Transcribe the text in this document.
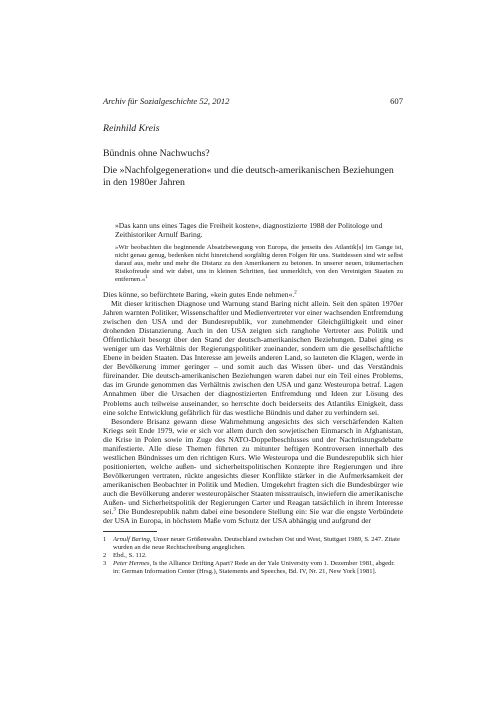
Archiv für Sozialgeschichte 52, 2012	607
Reinhild Kreis
Bündnis ohne Nachwuchs?
Die »Nachfolgegeneration« und die deutsch-amerikanischen Beziehungen in den 1980er Jahren
»Das kann uns eines Tages die Freiheit kosten«, diagnostizierte 1988 der Politologe und Zeithistoriker Arnulf Baring.
»Wir beobachten die beginnende Absatzbewegung von Europa, die jenseits des Atlantik[s] im Gange ist, nicht genau genug, bedenken nicht hinreichend sorgfältig deren Folgen für uns. Stattdessen sind wir selbst darauf aus, mehr und mehr die Distanz zu den Amerikanern zu betonen. In unserer neuen, träumerischen Risikofreude sind wir dabei, uns in kleinen Schritten, fast unmerklich, von den Vereinigten Staaten zu entfernen.«$^1$

Dies könne, so befürchtete Baring, »kein gutes Ende nehmen«.$^2$

Mit dieser kritischen Diagnose und Warnung stand Baring nicht allein. Seit den späten 1970er Jahren warnten Politiker, Wissenschaftler und Medienvertreter vor einer wachsenden Entfremdung zwischen den USA und der Bundesrepublik, vor zunehmender Gleichgültigkeit und einer drohenden Distanzierung. Auch in den USA zeigten sich ranghohe Vertreter aus Politik und Öffentlichkeit besorgt über den Stand der deutsch-amerikanischen Beziehungen. Dabei ging es weniger um das Verhältnis der Regierungspolitiker zueinander, sondern um die gesellschaftliche Ebene in beiden Staaten. Das Interesse am jeweils anderen Land, so lauteten die Klagen, werde in der Bevölkerung immer geringer – und somit auch das Wissen über- und das Verständnis füreinander. Die deutsch-amerikanischen Beziehungen waren dabei nur ein Teil eines Problems, das im Grunde genommen das Verhältnis zwischen den USA und ganz Westeuropa betraf. Lagen Annahmen über die Ursachen der diagnostizierten Entfremdung und Ideen zur Lösung des Problems auch teilweise auseinander, so herrschte doch beiderseits des Atlantiks Einigkeit, dass eine solche Entwicklung gefährlich für das westliche Bündnis und daher zu verhindern sei.

Besondere Brisanz gewann diese Wahrnehmung angesichts des sich verschärfenden Kalten Kriegs seit Ende 1979, wie er sich vor allem durch den sowjetischen Einmarsch in Afghanistan, die Krise in Polen sowie im Zuge des NATO-Doppelbeschlusses und der Nachrüstungsdebatte manifestierte. Alle diese Themen führten zu mitunter heftigen Kontroversen innerhalb des westlichen Bündnisses um den richtigen Kurs. Wie Westeuropa und die Bundesrepublik sich hier positionierten, welche außen- und sicherheitspolitischen Konzepte ihre Regierungen und ihre Bevölkerungen vertraten, rückte angesichts dieser Konflikte stärker in die Aufmerksamkeit der amerikanischen Beobachter in Politik und Medien. Umgekehrt fragten sich die Bundesbürger wie auch die Bevölkerung anderer westeuropäischer Staaten misstrauisch, inwiefern die amerikanische Außen- und Sicherheitspolitik der Regierungen Carter und Reagan tatsächlich in ihrem Interesse sei.$^3$ Die Bundesrepublik nahm dabei eine besondere Stellung ein: Sie war die engste Verbündete der USA in Europa, in höchstem Maße vom Schutz der USA abhängig und aufgrund der

1	Arnulf Baring, Unser neuer Größenwahn. Deutschland zwischen Ost und West, Stuttgart 1989, S. 247. Zitate wurden an die neue Rechtschreibung angeglichen.
2	Ebd., S. 112.
3	Peter Hermes, Is the Alliance Drifting Apart? Rede an der Yale University vom 1. Dezember 1981, abgedr. in: German Information Center (Hrsg.), Statements and Speeches, Bd. IV, Nr. 21, New York [1981].
